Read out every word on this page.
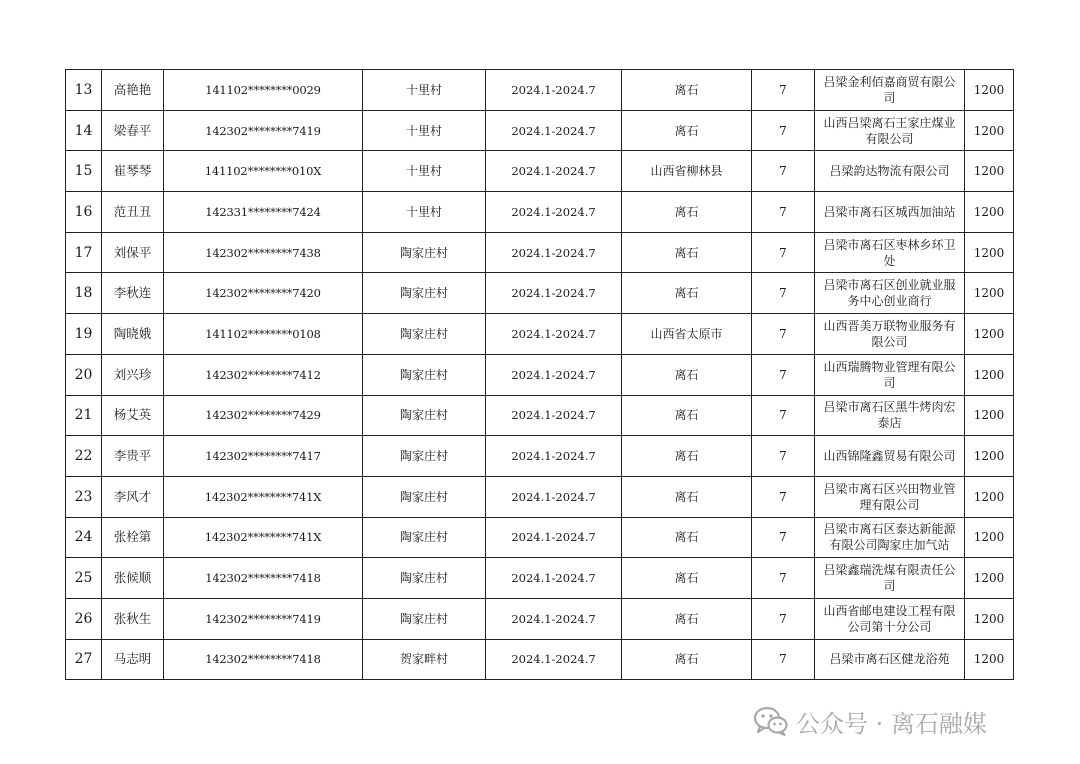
13	高艳艳	141102********0029	十里村	2024.1-2024.7	离石	7	吕梁金利佰嘉商贸有限公司	1200
14	梁春平	142302********7419	十里村	2024.1-2024.7	离石	7	山西吕梁离石王家庄煤业有限公司	1200
15	崔琴琴	141102********010X	十里村	2024.1-2024.7	山西省柳林县	7	吕梁韵达物流有限公司	1200
16	范丑丑	142331********7424	十里村	2024.1-2024.7	离石	7	吕梁市离石区城西加油站	1200
17	刘保平	142302********7438	陶家庄村	2024.1-2024.7	离石	7	吕梁市离石区枣林乡环卫处	1200
18	李秋连	142302********7420	陶家庄村	2024.1-2024.7	离石	7	吕梁市离石区创业就业服务中心创业商行	1200
19	陶晓娥	141102********0108	陶家庄村	2024.1-2024.7	山西省太原市	7	山西晋美万联物业服务有限公司	1200
20	刘兴珍	142302********7412	陶家庄村	2024.1-2024.7	离石	7	山西瑞腾物业管理有限公司	1200
21	杨艾英	142302********7429	陶家庄村	2024.1-2024.7	离石	7	吕梁市离石区黑牛烤肉宏泰店	1200
22	李贵平	142302********7417	陶家庄村	2024.1-2024.7	离石	7	山西锦隆鑫贸易有限公司	1200
23	李风才	142302********741X	陶家庄村	2024.1-2024.7	离石	7	吕梁市离石区兴田物业管理有限公司	1200
24	张栓第	142302********741X	陶家庄村	2024.1-2024.7	离石	7	吕梁市离石区泰达新能源有限公司陶家庄加气站	1200
25	张候顺	142302********7418	陶家庄村	2024.1-2024.7	离石	7	吕梁鑫瑞洗煤有限责任公司	1200
26	张秋生	142302********7419	陶家庄村	2024.1-2024.7	离石	7	山西省邮电建设工程有限公司第十分公司	1200
27	马志明	142302********7418	贺家畔村	2024.1-2024.7	离石	7	吕梁市离石区健龙浴苑	1200
公众号 · 离石融媒
